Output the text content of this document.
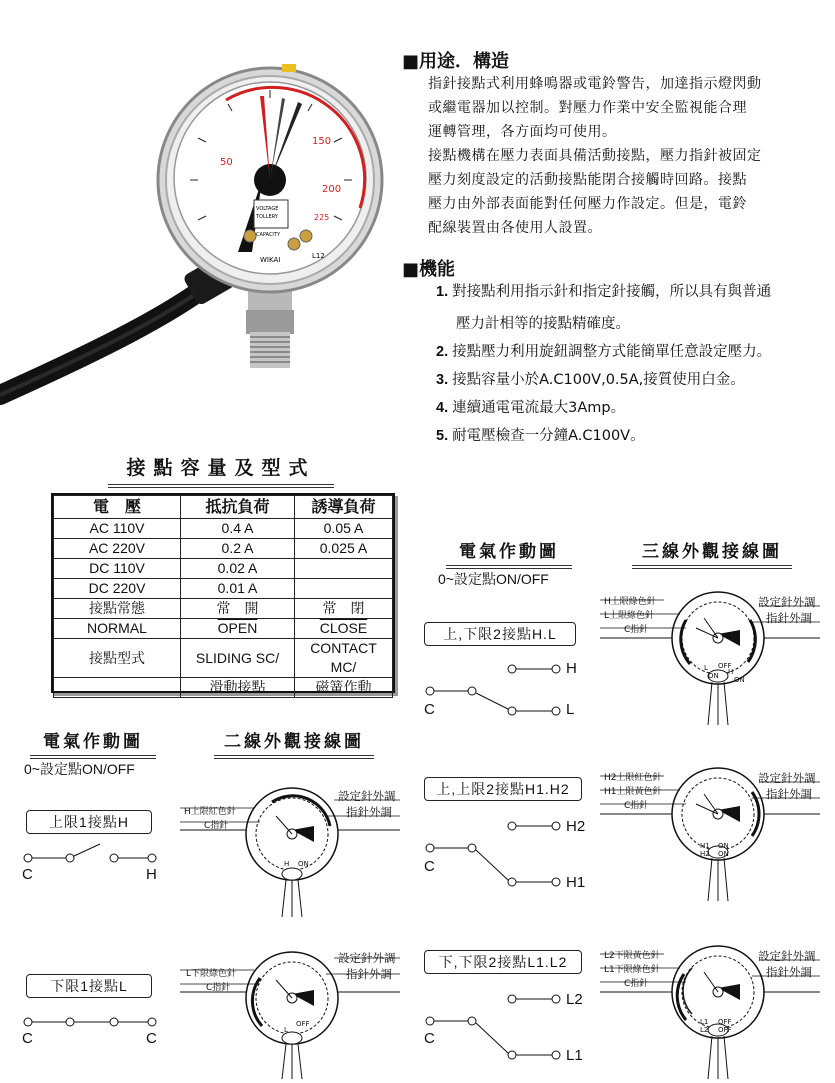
50
150
200
225
VOLTAGE
TOLLERY
CAPACITY
L12
WIKAI
■用途．構造
指針接點式利用蜂鳴器或電鈴警告，加達指示燈閃動
或繼電器加以控制。對壓力作業中安全監視能合理
運轉管理，各方面均可使用。
接點機構在壓力表面具備活動接點，壓力指針被固定
壓力刻度設定的活動接點能閉合接觸時回路。接點
壓力由外部表面能對任何壓力作設定。但是，電鈴
配線裝置由各使用人設置。
■機能
1. 對接點利用指示針和指定針接觸，所以具有與普通
壓力計相等的接點精確度。
2. 接點壓力利用旋鈕調整方式能簡單任意設定壓力。
3. 接點容量小於A.C100V,0.5A,接質使用白金。
4. 連續通電電流最大3Amp。
5. 耐電壓檢查一分鐘A.C100V。
接點容量及型式
電　壓	抵抗負荷	誘導負荷
AC 110V	0.4 A	0.05 A
AC 220V	0.2 A	0.025 A
DC 110V	0.02 A	
DC 220V	0.01 A	
接點常態	常　開	常　閉
NORMAL	OPEN	CLOSE
接點型式	SLIDING SC/	CONTACT MC/
	滑動接點	磁簧作動
電氣作動圖	三線外觀接線圖
0~設定點ON/OFF
電氣作動圖	二線外觀接線圖
0~設定點ON/OFF
上,下限2接點H.L
H
L
C
H上限綠色針
L上限綠色針
C指針
設定針外調
指針外調
L
ON
OFF
H
ON
上,上限2接點H1.H2
H2
H1
C
H2上限紅色針
H1上限黃色針
C指針
設定針外調
指針外調
H1 ON
H2 ON
下,下限2接點L1.L2
L2
L1
C
L2下限黃色針
L1下限綠色針
C指針
設定針外調
指針外調
L1 OFF
L2 OFF
上限1接點H
C	H
H上限紅色針
C指針
設定針外調
指針外調
H ON
下限1接點L
C	C
L下限綠色針
C指針
設定針外調
指針外調
L
OFF
